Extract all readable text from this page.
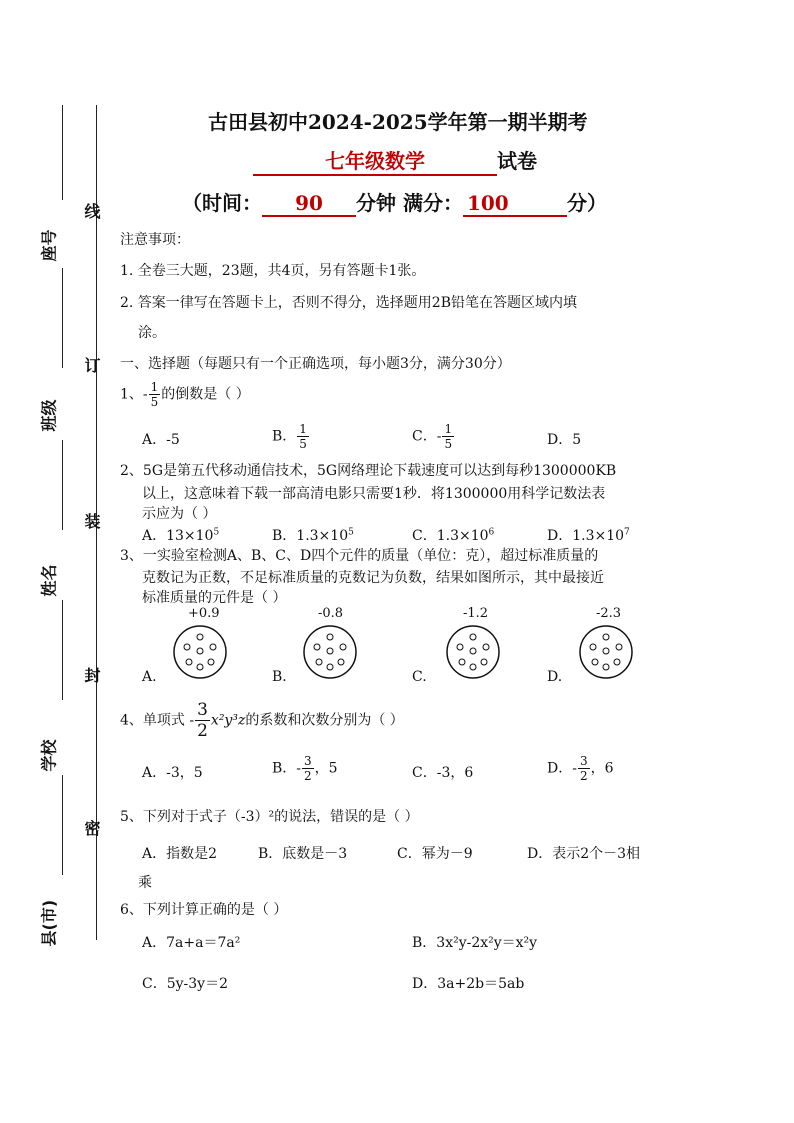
线
订
装
封
密
座号
班级
姓名
学校
县(市)
古田县初中2024-2025学年第一期半期考
七年级数学	试卷
（时间： 90 分钟 满分： 100	分）
注意事项：
1. 全卷三大题，23题，共4页，另有答题卡1张。
2. 答案一律写在答题卡上，否则不得分，选择题用2B铅笔在答题区域内填
涂。
一、选择题（每题只有一个正确选项，每小题3分，满分30分）
1、- $\frac{1}{5}$ 的倒数是（ ）
A．-5	B． $\frac{1}{5}$	C．- $\frac{1}{5}$	D．5
2、5G是第五代移动通信技术，5G网络理论下载速度可以达到每秒1300000KB
以上，这意味着下载一部高清电影只需要1秒．将1300000用科学记数法表
示应为（ ）
A．$13\times 10^5$	B．$1.3\times 10^5$	C．$1.3\times 10^6$	D．$1.3\times 10^7$
3、一实验室检测A、B、C、D四个元件的质量（单位：克），超过标准质量的
克数记为正数，不足标准质量的克数记为负数，结果如图所示，其中最接近
标准质量的元件是（ ）
+0.9
A.
-0.8
B.
-1.2
C.
-2.3
D.
4、单项式 - $\frac{3}{2} x^2y^3z$的系数和次数分别为（ ）
A．-3，5	B．- $\frac{3}{2}$ ，5	C．-3，6	D．- $\frac{3}{2}$ ，6
5、下列对于式子（-3）²的说法，错误的是（ ）
A．指数是2	B．底数是－3	C．幂为－9	D．表示2个－3相
乘
6、下列计算正确的是（ ）
A．7a+a＝7a²	B．3x²y-2x²y＝x²y
C．5y-3y＝2	D．3a+2b＝5ab
